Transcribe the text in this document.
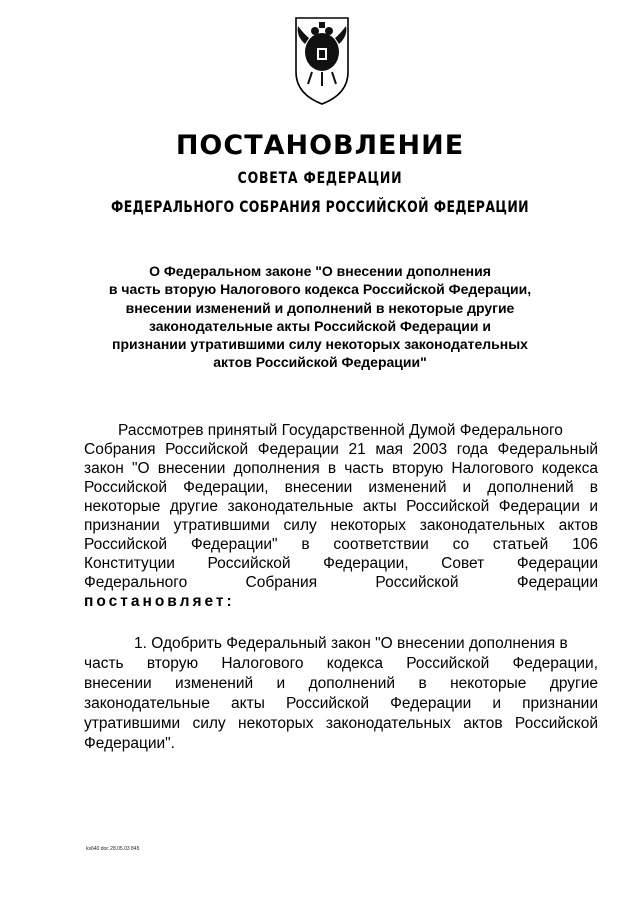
ПОСТАНОВЛЕНИЕ
СОВЕТА ФЕДЕРАЦИИ
ФЕДЕРАЛЬНОГО СОБРАНИЯ РОССИЙСКОЙ ФЕДЕРАЦИИ
О Федеральном законе "О внесении дополнения
в часть вторую Налогового кодекса Российской Федерации,
внесении изменений и дополнений в некоторые другие
законодательные акты Российской Федерации и
признании утратившими силу некоторых законодательных
актов Российской Федерации"
Рассмотрев принятый Государственной Думой Федерального
Собрания Российской Федерации 21 мая 2003 года Федеральный
закон "О внесении дополнения в часть вторую Налогового кодекса
Российской Федерации, внесении изменений и дополнений в
некоторые другие законодательные акты Российской Федерации и
признании утратившими силу некоторых законодательных актов
Российской Федерации" в соответствии со статьей 106
Конституции Российской Федерации, Совет Федерации
Федерального Собрания Российской Федерации
постановляет:
1. Одобрить Федеральный закон "О внесении дополнения в
часть вторую Налогового кодекса Российской Федерации,
внесении изменений и дополнений в некоторые другие
законодательные акты Российской Федерации и признании
утратившими силу некоторых законодательных актов Российской
Федерации".
ks640.doc 28.05.03 845
